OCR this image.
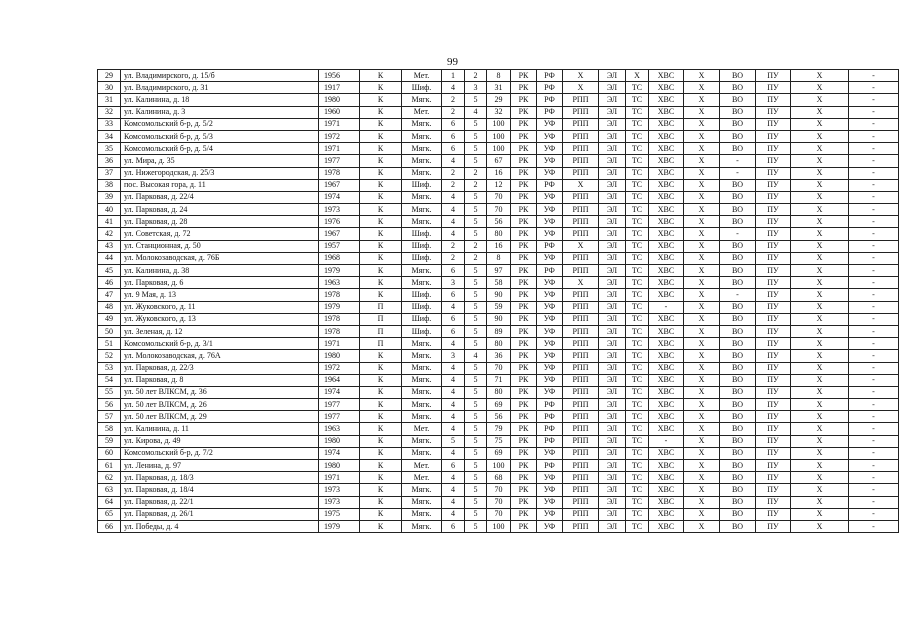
99
29	ул. Владимирского, д. 15/б	1956	К	Мет.	1	2	8	РК	РФ	Х	ЭЛ	Х	ХВС	Х	ВО	ПУ	Х	-
30	ул. Владимирского, д. 31	1917	К	Шиф.	4	3	31	РК	РФ	Х	ЭЛ	ТС	ХВС	Х	ВО	ПУ	Х	-
31	ул. Калинина, д. 18	1980	К	Мягк.	2	5	29	РК	РФ	РПП	ЭЛ	ТС	ХВС	Х	ВО	ПУ	Х	-
32	ул. Калинина, д. 3	1960	К	Мет.	2	4	32	РК	РФ	РПП	ЭЛ	ТС	ХВС	Х	ВО	ПУ	Х	-
33	Комсомольский б-р, д. 5/2	1971	К	Мягк.	6	5	100	РК	УФ	РПП	ЭЛ	ТС	ХВС	Х	ВО	ПУ	Х	-
34	Комсомольский б-р, д. 5/3	1972	К	Мягк.	6	5	100	РК	УФ	РПП	ЭЛ	ТС	ХВС	Х	ВО	ПУ	Х	-
35	Комсомольский б-р, д. 5/4	1971	К	Мягк.	6	5	100	РК	УФ	РПП	ЭЛ	ТС	ХВС	Х	ВО	ПУ	Х	-
36	ул. Мира, д. 35	1977	К	Мягк.	4	5	67	РК	УФ	РПП	ЭЛ	ТС	ХВС	Х	-	ПУ	Х	-
37	ул. Нижегородская, д. 25/3	1978	К	Мягк.	2	2	16	РК	УФ	РПП	ЭЛ	ТС	ХВС	Х	-	ПУ	Х	-
38	пос. Высокая гора, д. 11	1967	К	Шиф.	2	2	12	РК	РФ	Х	ЭЛ	ТС	ХВС	Х	ВО	ПУ	Х	-
39	ул. Парковая, д. 22/4	1974	К	Мягк.	4	5	70	РК	УФ	РПП	ЭЛ	ТС	ХВС	Х	ВО	ПУ	Х	-
40	ул. Парковая, д. 24	1973	К	Мягк.	4	5	70	РК	УФ	РПП	ЭЛ	ТС	ХВС	Х	ВО	ПУ	Х	-
41	ул. Парковая, д. 28	1976	К	Мягк.	4	5	56	РК	УФ	РПП	ЭЛ	ТС	ХВС	Х	ВО	ПУ	Х	-
42	ул. Советская, д. 72	1967	К	Шиф.	4	5	80	РК	УФ	РПП	ЭЛ	ТС	ХВС	Х	-	ПУ	Х	-
43	ул. Станционная, д. 50	1957	К	Шиф.	2	2	16	РК	РФ	Х	ЭЛ	ТС	ХВС	Х	ВО	ПУ	Х	-
44	ул. Молокозаводская, д. 76Б	1968	К	Шиф.	2	2	8	РК	УФ	РПП	ЭЛ	ТС	ХВС	Х	ВО	ПУ	Х	-
45	ул. Калинина, д. 38	1979	К	Мягк.	6	5	97	РК	РФ	РПП	ЭЛ	ТС	ХВС	Х	ВО	ПУ	Х	-
46	ул. Парковая, д. 6	1963	К	Мягк.	3	5	58	РК	УФ	Х	ЭЛ	ТС	ХВС	Х	ВО	ПУ	Х	-
47	ул. 9 Мая, д. 13	1978	К	Шиф.	6	5	90	РК	УФ	РПП	ЭЛ	ТС	ХВС	Х	-	ПУ	Х	-
48	ул. Жуковского, д. 11	1979	П	Шиф.	4	5	59	РК	УФ	РПП	ЭЛ	ТС	-	Х	ВО	ПУ	Х	-
49	ул. Жуковского, д. 13	1978	П	Шиф.	6	5	90	РК	УФ	РПП	ЭЛ	ТС	ХВС	Х	ВО	ПУ	Х	-
50	ул. Зеленая, д. 12	1978	П	Шиф.	6	5	89	РК	УФ	РПП	ЭЛ	ТС	ХВС	Х	ВО	ПУ	Х	-
51	Комсомольский б-р, д. 3/1	1971	П	Мягк.	4	5	80	РК	УФ	РПП	ЭЛ	ТС	ХВС	Х	ВО	ПУ	Х	-
52	ул. Молокозаводская, д. 76А	1980	К	Мягк.	3	4	36	РК	УФ	РПП	ЭЛ	ТС	ХВС	Х	ВО	ПУ	Х	-
53	ул. Парковая, д. 22/3	1972	К	Мягк.	4	5	70	РК	УФ	РПП	ЭЛ	ТС	ХВС	Х	ВО	ПУ	Х	-
54	ул. Парковая, д. 8	1964	К	Мягк.	4	5	71	РК	УФ	РПП	ЭЛ	ТС	ХВС	Х	ВО	ПУ	Х	-
55	ул. 50 лет ВЛКСМ, д. 36	1974	К	Мягк.	4	5	80	РК	УФ	РПП	ЭЛ	ТС	ХВС	Х	ВО	ПУ	Х	-
56	ул. 50 лет ВЛКСМ, д. 26	1977	К	Мягк.	4	5	69	РК	РФ	РПП	ЭЛ	ТС	ХВС	Х	ВО	ПУ	Х	-
57	ул. 50 лет ВЛКСМ, д. 29	1977	К	Мягк.	4	5	56	РК	РФ	РПП	ЭЛ	ТС	ХВС	Х	ВО	ПУ	Х	-
58	ул. Калинина, д. 11	1963	К	Мет.	4	5	79	РК	РФ	РПП	ЭЛ	ТС	ХВС	Х	ВО	ПУ	Х	-
59	ул. Кирова, д. 49	1980	К	Мягк.	5	5	75	РК	РФ	РПП	ЭЛ	ТС	-	Х	ВО	ПУ	Х	-
60	Комсомольский б-р, д. 7/2	1974	К	Мягк.	4	5	69	РК	УФ	РПП	ЭЛ	ТС	ХВС	Х	ВО	ПУ	Х	-
61	ул. Ленина, д. 97	1980	К	Мет.	6	5	100	РК	РФ	РПП	ЭЛ	ТС	ХВС	Х	ВО	ПУ	Х	-
62	ул. Парковая, д. 18/3	1971	К	Мет.	4	5	68	РК	УФ	РПП	ЭЛ	ТС	ХВС	Х	ВО	ПУ	Х	-
63	ул. Парковая, д. 18/4	1973	К	Мягк.	4	5	70	РК	УФ	РПП	ЭЛ	ТС	ХВС	Х	ВО	ПУ	Х	-
64	ул. Парковая, д. 22/1	1973	К	Мягк.	4	5	70	РК	УФ	РПП	ЭЛ	ТС	ХВС	Х	ВО	ПУ	Х	-
65	ул. Парковая, д. 26/1	1975	К	Мягк.	4	5	70	РК	УФ	РПП	ЭЛ	ТС	ХВС	Х	ВО	ПУ	Х	-
66	ул. Победы, д. 4	1979	К	Мягк.	6	5	100	РК	УФ	РПП	ЭЛ	ТС	ХВС	Х	ВО	ПУ	Х	-
